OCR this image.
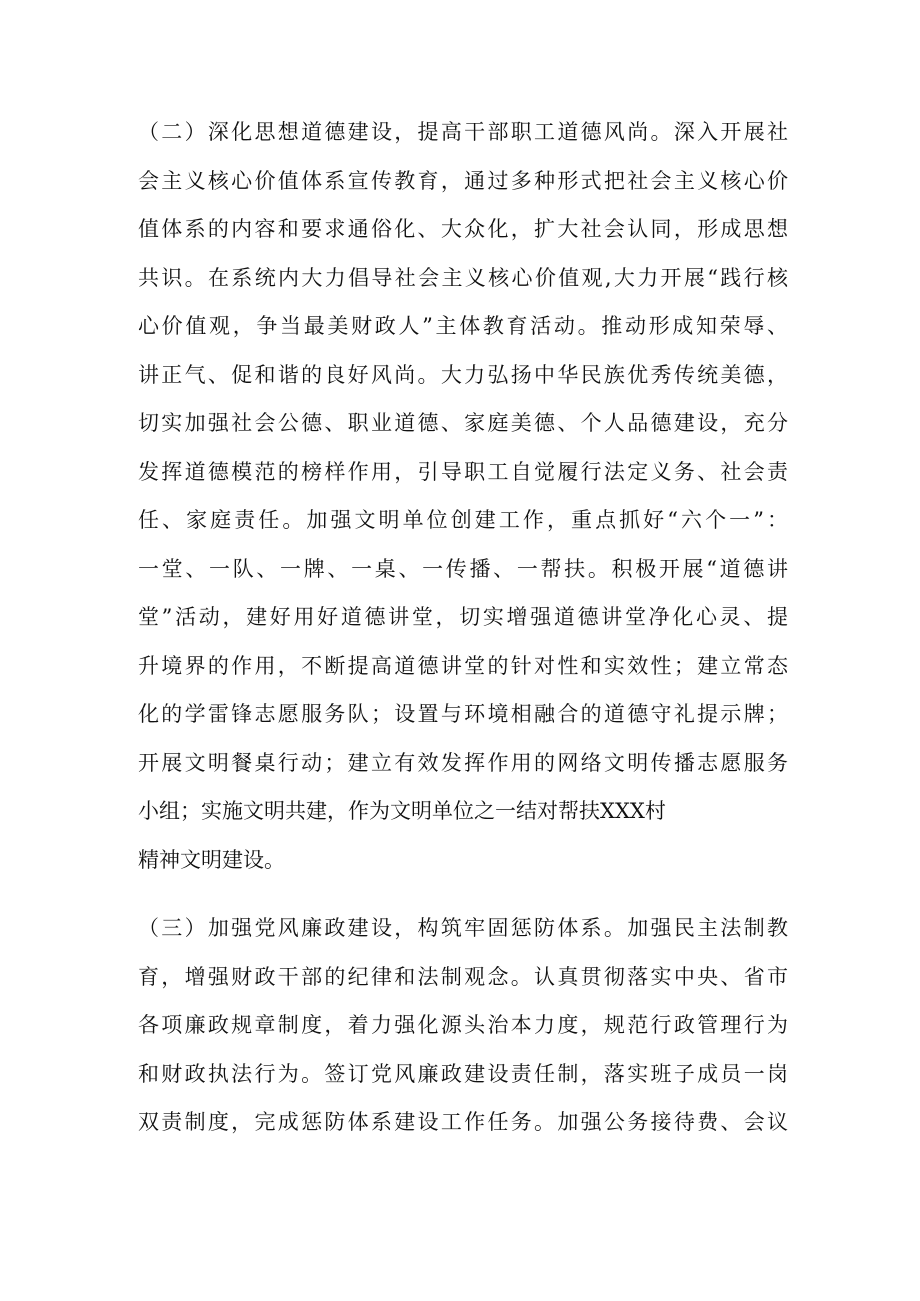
（二）深化思想道德建设，提高干部职工道德风尚。深入开展社
会主义核心价值体系宣传教育，通过多种形式把社会主义核心价
值体系的内容和要求通俗化、大众化，扩大社会认同，形成思想
共识。在系统内大力倡导社会主义核心价值观,大力开展“践行核
心价值观，争当最美财政人”主体教育活动。推动形成知荣辱、
讲正气、促和谐的良好风尚。大力弘扬中华民族优秀传统美德，
切实加强社会公德、职业道德、家庭美德、个人品德建设，充分
发挥道德模范的榜样作用，引导职工自觉履行法定义务、社会责
任、家庭责任。加强文明单位创建工作，重点抓好“六个一”：
一堂、一队、一牌、一桌、一传播、一帮扶。积极开展“道德讲
堂”活动，建好用好道德讲堂，切实增强道德讲堂净化心灵、提
升境界的作用，不断提高道德讲堂的针对性和实效性；建立常态
化的学雷锋志愿服务队；设置与环境相融合的道德守礼提示牌；
开展文明餐桌行动；建立有效发挥作用的网络文明传播志愿服务
小组；实施文明共建，作为文明单位之一结对帮扶XXX村
精神文明建设。
（三）加强党风廉政建设，构筑牢固惩防体系。加强民主法制教
育，增强财政干部的纪律和法制观念。认真贯彻落实中央、省市
各项廉政规章制度，着力强化源头治本力度，规范行政管理行为
和财政执法行为。签订党风廉政建设责任制，落实班子成员一岗
双责制度，完成惩防体系建设工作任务。加强公务接待费、会议
